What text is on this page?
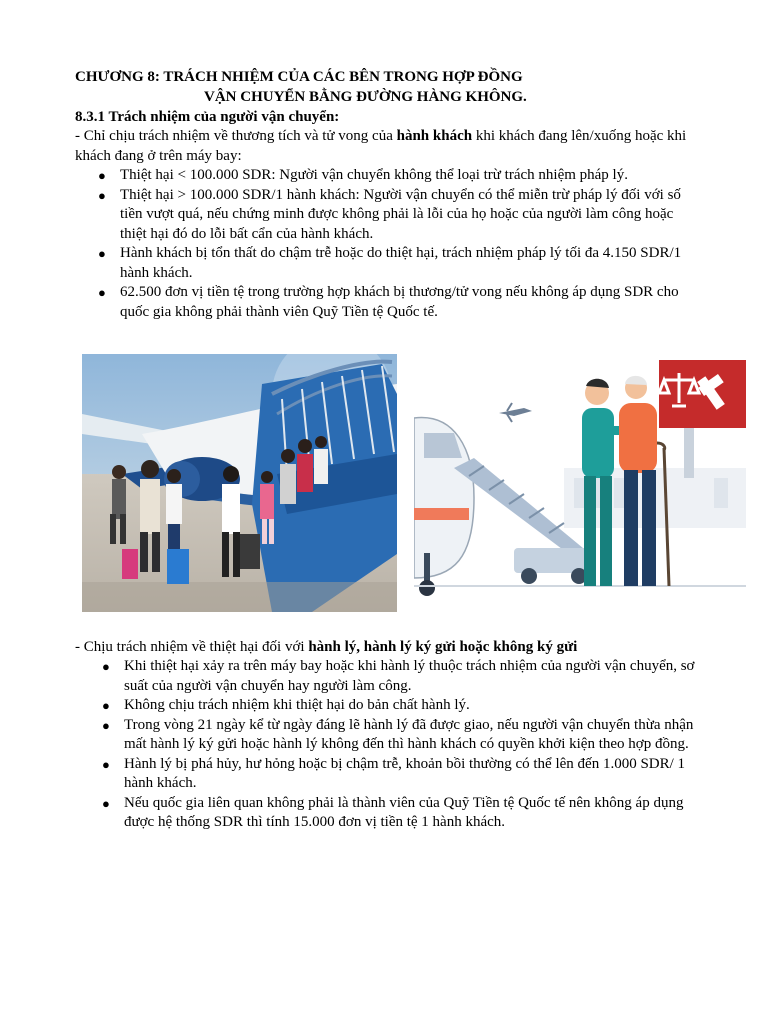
CHƯƠNG 8: TRÁCH NHIỆM CỦA CÁC BÊN TRONG HỢP ĐỒNG
VẬN CHUYỂN BẰNG ĐƯỜNG HÀNG KHÔNG.
8.3.1 Trách nhiệm của người vận chuyển:
- Chỉ chịu trách nhiệm về thương tích và tử vong của hành khách khi khách đang lên/xuống hoặc khi khách đang ở trên máy bay:
● Thiệt hại < 100.000 SDR: Người vận chuyển không thể loại trừ trách nhiệm pháp lý.
● Thiệt hại > 100.000 SDR/1 hành khách: Người vận chuyển có thể miễn trừ pháp lý đối với số tiền vượt quá, nếu chứng minh được không phải là lỗi của họ hoặc của người làm công hoặc thiệt hại đó do lỗi bất cẩn của hành khách.
● Hành khách bị tổn thất do chậm trễ hoặc do thiệt hại, trách nhiệm pháp lý tối đa 4.150 SDR/1 hành khách.
● 62.500 đơn vị tiền tệ trong trường hợp khách bị thương/tử vong nếu không áp dụng SDR cho quốc gia không phải thành viên Quỹ Tiền tệ Quốc tế.
- Chịu trách nhiệm về thiệt hại đối với hành lý, hành lý ký gửi hoặc không ký gửi
● Khi thiệt hại xảy ra trên máy bay hoặc khi hành lý thuộc trách nhiệm của người vận chuyển, sơ suất của người vận chuyển hay người làm công.
● Không chịu trách nhiệm khi thiệt hại do bản chất hành lý.
● Trong vòng 21 ngày kể từ ngày đáng lẽ hành lý đã được giao, nếu người vận chuyển thừa nhận mất hành lý ký gửi hoặc hành lý không đến thì hành khách có quyền khởi kiện theo hợp đồng.
● Hành lý bị phá hủy, hư hỏng hoặc bị chậm trễ, khoản bồi thường có thể lên đến 1.000 SDR/ 1 hành khách.
● Nếu quốc gia liên quan không phải là thành viên của Quỹ Tiền tệ Quốc tế nên không áp dụng được hệ thống SDR thì tính 15.000 đơn vị tiền tệ 1 hành khách.
